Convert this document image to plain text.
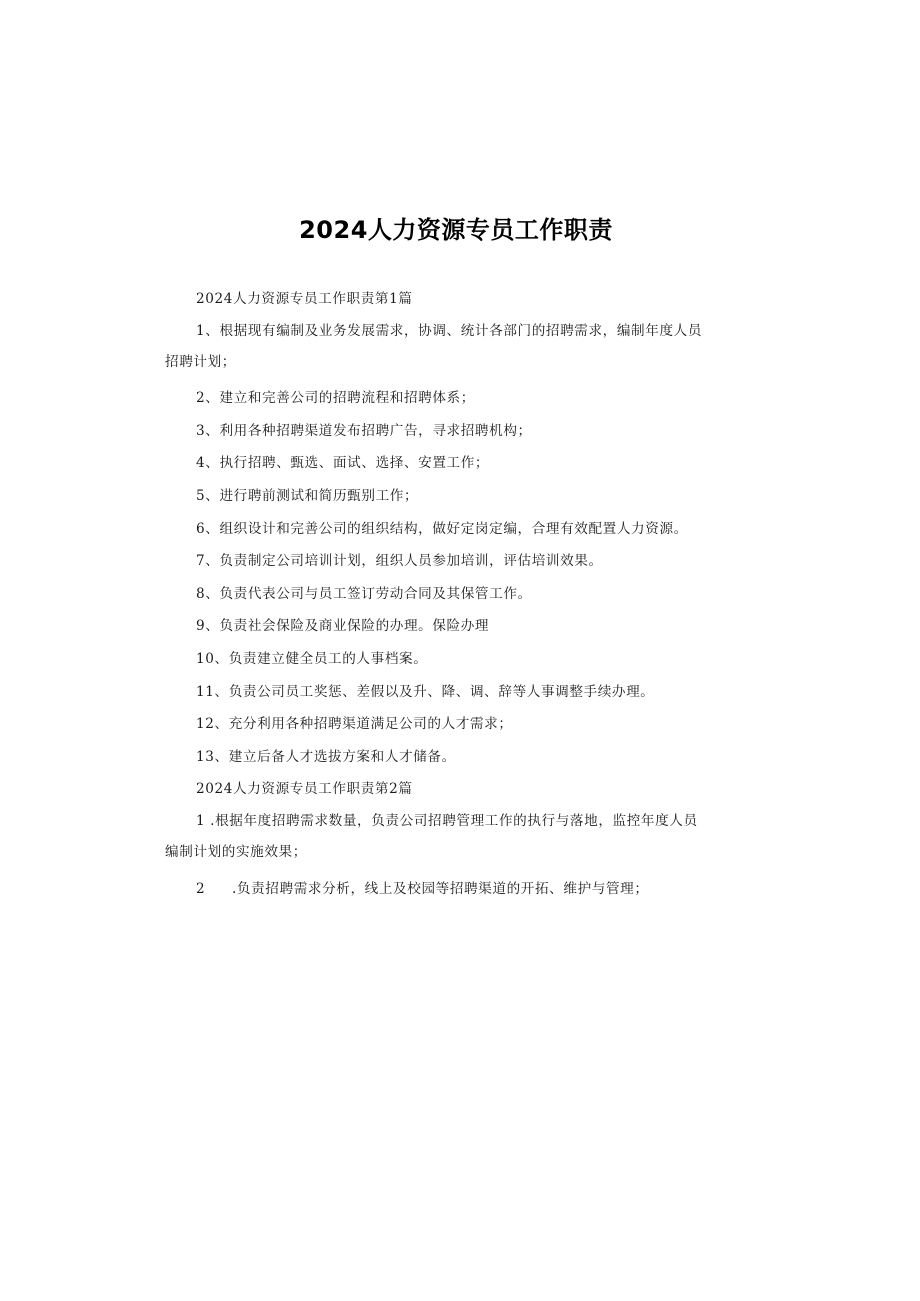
2024人力资源专员工作职责
2024人力资源专员工作职责第1篇
1、根据现有编制及业务发展需求，协调、统计各部门的招聘需求，编制年度人员
招聘计划；
2、建立和完善公司的招聘流程和招聘体系；
3、利用各种招聘渠道发布招聘广告，寻求招聘机构；
4、执行招聘、甄选、面试、选择、安置工作；
5、进行聘前测试和简历甄别工作；
6、组织设计和完善公司的组织结构，做好定岗定编，合理有效配置人力资源。
7、负责制定公司培训计划，组织人员参加培训，评估培训效果。
8、负责代表公司与员工签订劳动合同及其保管工作。
9、负责社会保险及商业保险的办理。保险办理
10、负责建立健全员工的人事档案。
11、负责公司员工奖惩、差假以及升、降、调、辞等人事调整手续办理。
12、充分利用各种招聘渠道满足公司的人才需求；
13、建立后备人才选拔方案和人才储备。
2024人力资源专员工作职责第2篇
1 .根据年度招聘需求数量，负责公司招聘管理工作的执行与落地，监控年度人员
编制计划的实施效果；
2 .负责招聘需求分析，线上及校园等招聘渠道的开拓、维护与管理；
